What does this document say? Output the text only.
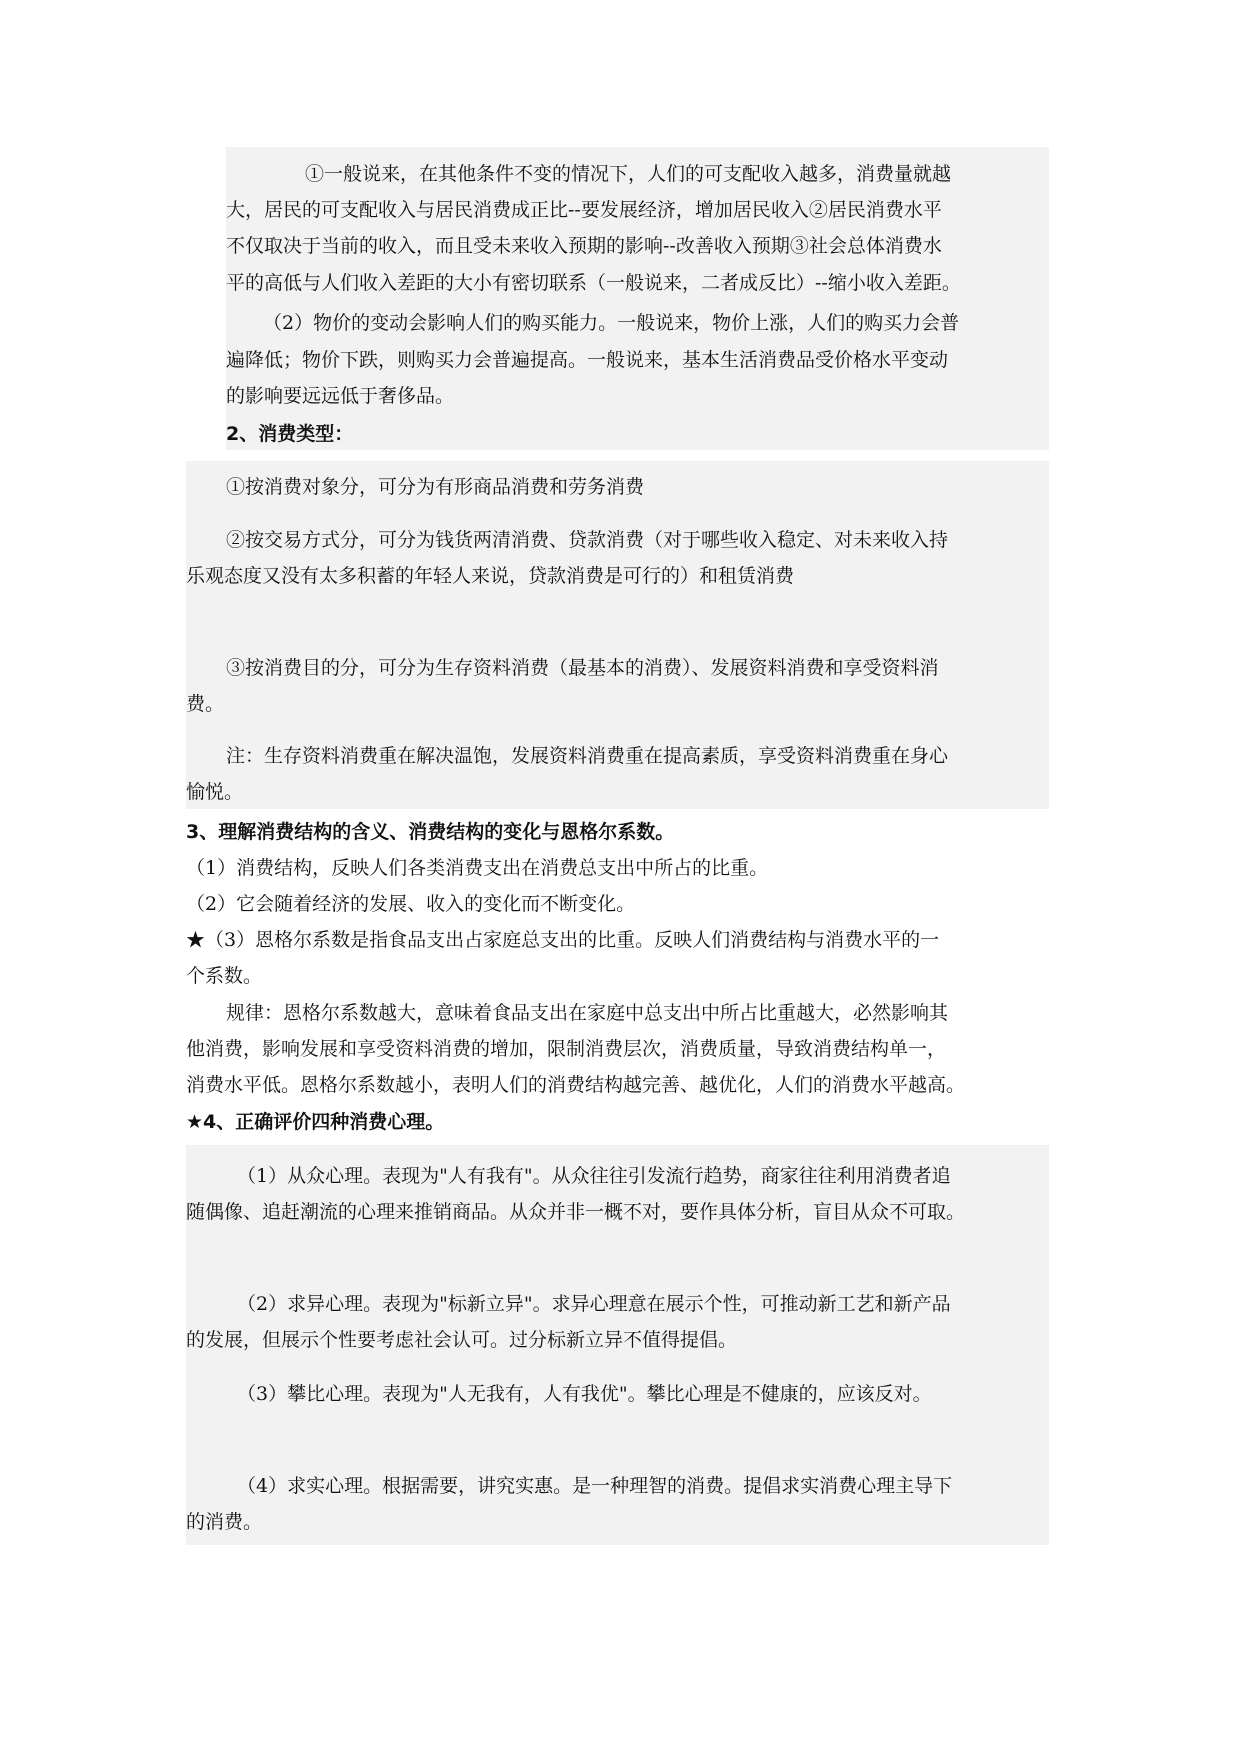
①一般说来，在其他条件不变的情况下，人们的可支配收入越多，消费量就越
大，居民的可支配收入与居民消费成正比--要发展经济，增加居民收入②居民消费水平
不仅取决于当前的收入，而且受未来收入预期的影响--改善收入预期③社会总体消费水
平的高低与人们收入差距的大小有密切联系（一般说来，二者成反比）--缩小收入差距。
（2）物价的变动会影响人们的购买能力。一般说来，物价上涨，人们的购买力会普
遍降低；物价下跌，则购买力会普遍提高。一般说来，基本生活消费品受价格水平变动
的影响要远远低于奢侈品。
2、消费类型：
①按消费对象分，可分为有形商品消费和劳务消费
②按交易方式分，可分为钱货两清消费、贷款消费（对于哪些收入稳定、对未来收入持
乐观态度又没有太多积蓄的年轻人来说，贷款消费是可行的）和租赁消费
③按消费目的分，可分为生存资料消费（最基本的消费）、发展资料消费和享受资料消
费。
注：生存资料消费重在解决温饱，发展资料消费重在提高素质，享受资料消费重在身心
愉悦。
3、理解消费结构的含义、消费结构的变化与恩格尔系数。
（1）消费结构，反映人们各类消费支出在消费总支出中所占的比重。
（2）它会随着经济的发展、收入的变化而不断变化。
★（3）恩格尔系数是指食品支出占家庭总支出的比重。反映人们消费结构与消费水平的一
个系数。
规律：恩格尔系数越大，意味着食品支出在家庭中总支出中所占比重越大，必然影响其
他消费，影响发展和享受资料消费的增加，限制消费层次，消费质量，导致消费结构单一，
消费水平低。恩格尔系数越小，表明人们的消费结构越完善、越优化，人们的消费水平越高。
★4、正确评价四种消费心理。
（1）从众心理。表现为"人有我有"。从众往往引发流行趋势，商家往往利用消费者追
随偶像、追赶潮流的心理来推销商品。从众并非一概不对，要作具体分析，盲目从众不可取。
（2）求异心理。表现为"标新立异"。求异心理意在展示个性，可推动新工艺和新产品
的发展，但展示个性要考虑社会认可。过分标新立异不值得提倡。
（3）攀比心理。表现为"人无我有，人有我优"。攀比心理是不健康的，应该反对。
（4）求实心理。根据需要，讲究实惠。是一种理智的消费。提倡求实消费心理主导下
的消费。
